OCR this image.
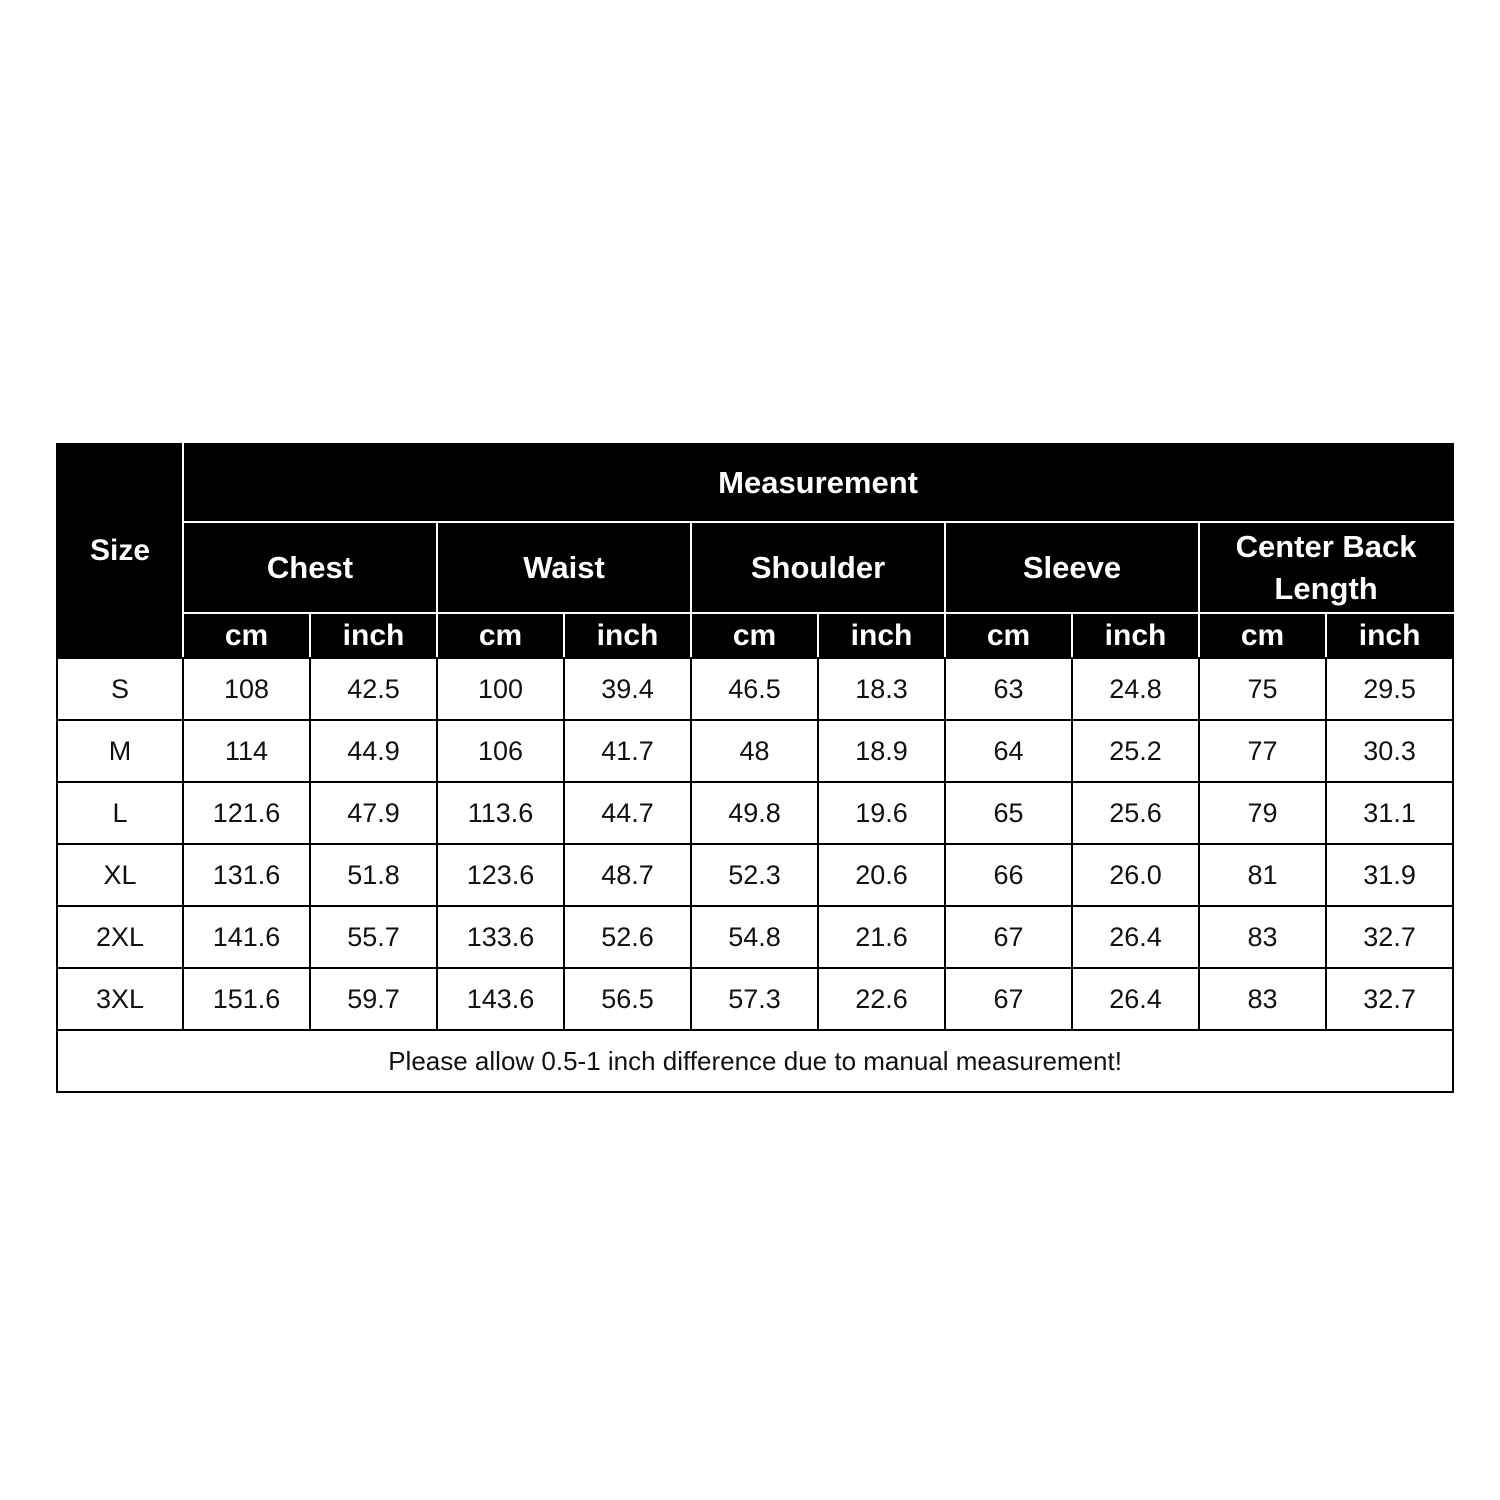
Size	Measurement									
	Chest		Waist		Shoulder		Sleeve		Center Back Length	
	cm	inch	cm	inch	cm	inch	cm	inch	cm	inch
S	108	42.5	100	39.4	46.5	18.3	63	24.8	75	29.5
M	114	44.9	106	41.7	48	18.9	64	25.2	77	30.3
L	121.6	47.9	113.6	44.7	49.8	19.6	65	25.6	79	31.1
XL	131.6	51.8	123.6	48.7	52.3	20.6	66	26.0	81	31.9
2XL	141.6	55.7	133.6	52.6	54.8	21.6	67	26.4	83	32.7
3XL	151.6	59.7	143.6	56.5	57.3	22.6	67	26.4	83	32.7
Please allow 0.5-1 inch difference due to manual measurement!										
